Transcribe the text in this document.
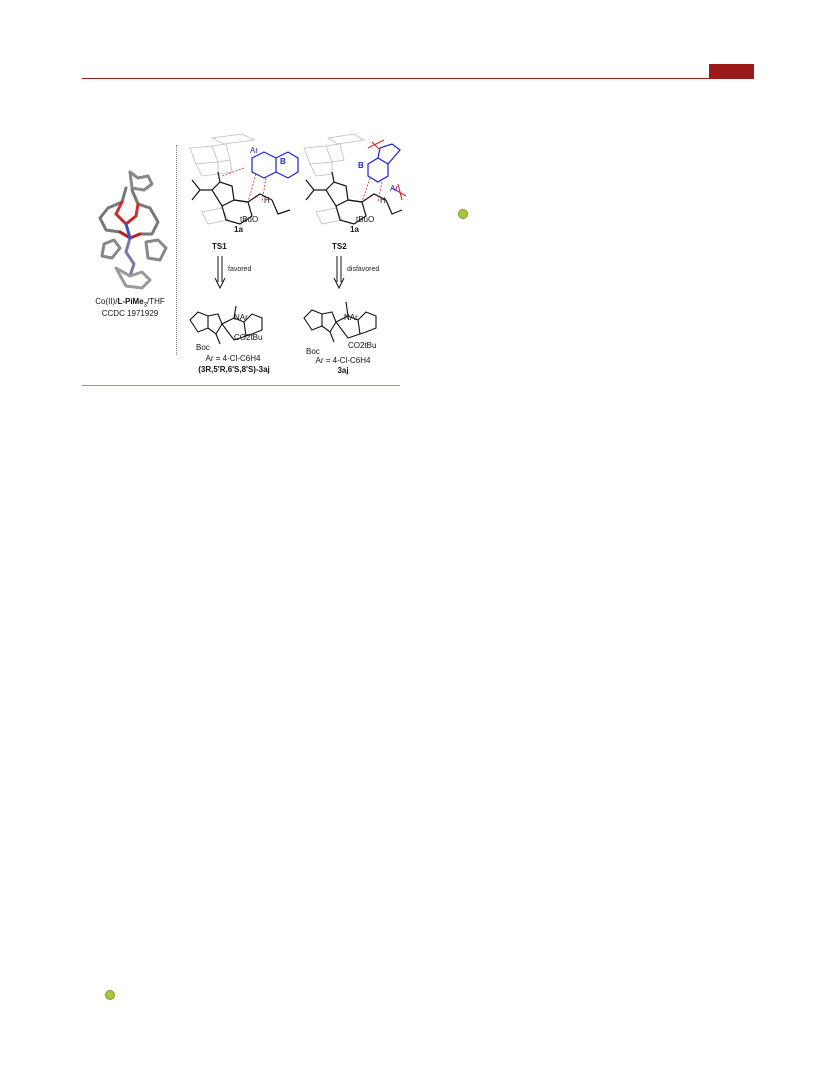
Co(II)/L-PiMe$_3$/THF
CCDC 1971929
Ar
B
H
tBuO
1a
TS1
favored
NAr
CO2tBu
Boc
Ar = 4-Cl-C6H4
(3R,5'R,6'S,8'S)-3aj
B
Ar
H
tBuO
1a
TS2
disfavored
NAr
CO2tBu
Boc
Ar = 4-Cl-C6H4
3aj
